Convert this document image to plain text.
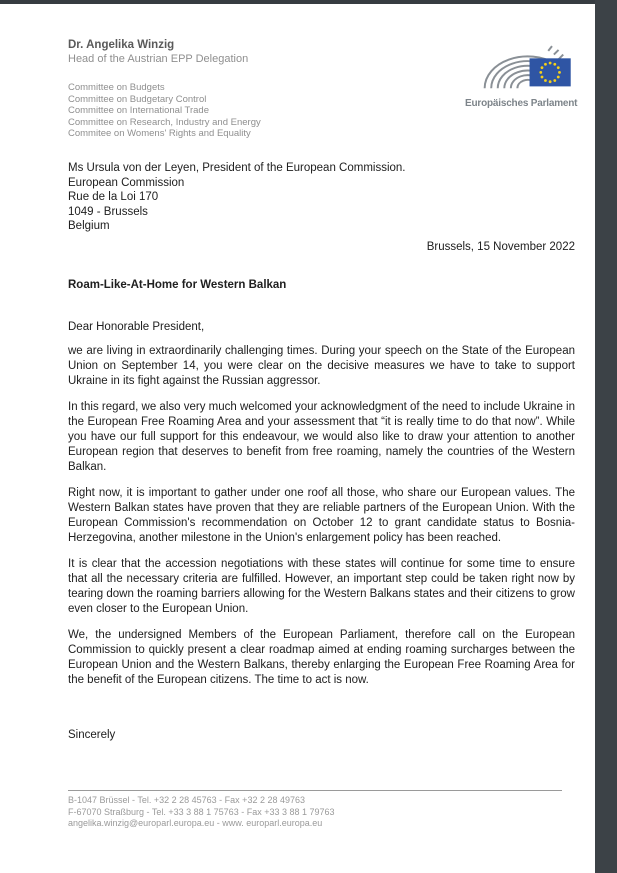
Dr. Angelika Winzig
Head of the Austrian EPP Delegation
Committee on Budgets
Committee on Budgetary Control
Committee on International Trade
Committee on Research, Industry and Energy
Commitee on Womens' Rights and Equality
Europäisches Parlament
Ms Ursula von der Leyen, President of the European Commission.
European Commission
Rue de la Loi 170
1049 - Brussels
Belgium
Brussels, 15 November 2022
Roam-Like-At-Home for Western Balkan
Dear Honorable President,

we are living in extraordinarily challenging times. During your speech on the State of the European Union on September 14, you were clear on the decisive measures we have to take to support Ukraine in its fight against the Russian aggressor.

In this regard, we also very much welcomed your acknowledgment of the need to include Ukraine in the European Free Roaming Area and your assessment that “it is really time to do that now”. While you have our full support for this endeavour, we would also like to draw your attention to another European region that deserves to benefit from free roaming, namely the countries of the Western Balkan.

Right now, it is important to gather under one roof all those, who share our European values. The Western Balkan states have proven that they are reliable partners of the European Union. With the European Commission's recommendation on October 12 to grant candidate status to Bosnia-Herzegovina, another milestone in the Union's enlargement policy has been reached.

It is clear that the accession negotiations with these states will continue for some time to ensure that all the necessary criteria are fulfilled. However, an important step could be taken right now by tearing down the roaming barriers allowing for the Western Balkans states and their citizens to grow even closer to the European Union.

We, the undersigned Members of the European Parliament, therefore call on the European Commission to quickly present a clear roadmap aimed at ending roaming surcharges between the European Union and the Western Balkans, thereby enlarging the European Free Roaming Area for the benefit of the European citizens. The time to act is now.

Sincerely
B-1047 Brüssel - Tel. +32 2 28 45763 - Fax +32 2 28 49763
F-67070 Straßburg - Tel. +33 3 88 1 75763 - Fax +33 3 88 1 79763
angelika.winzig@europarl.europa.eu - www. europarl.europa.eu
